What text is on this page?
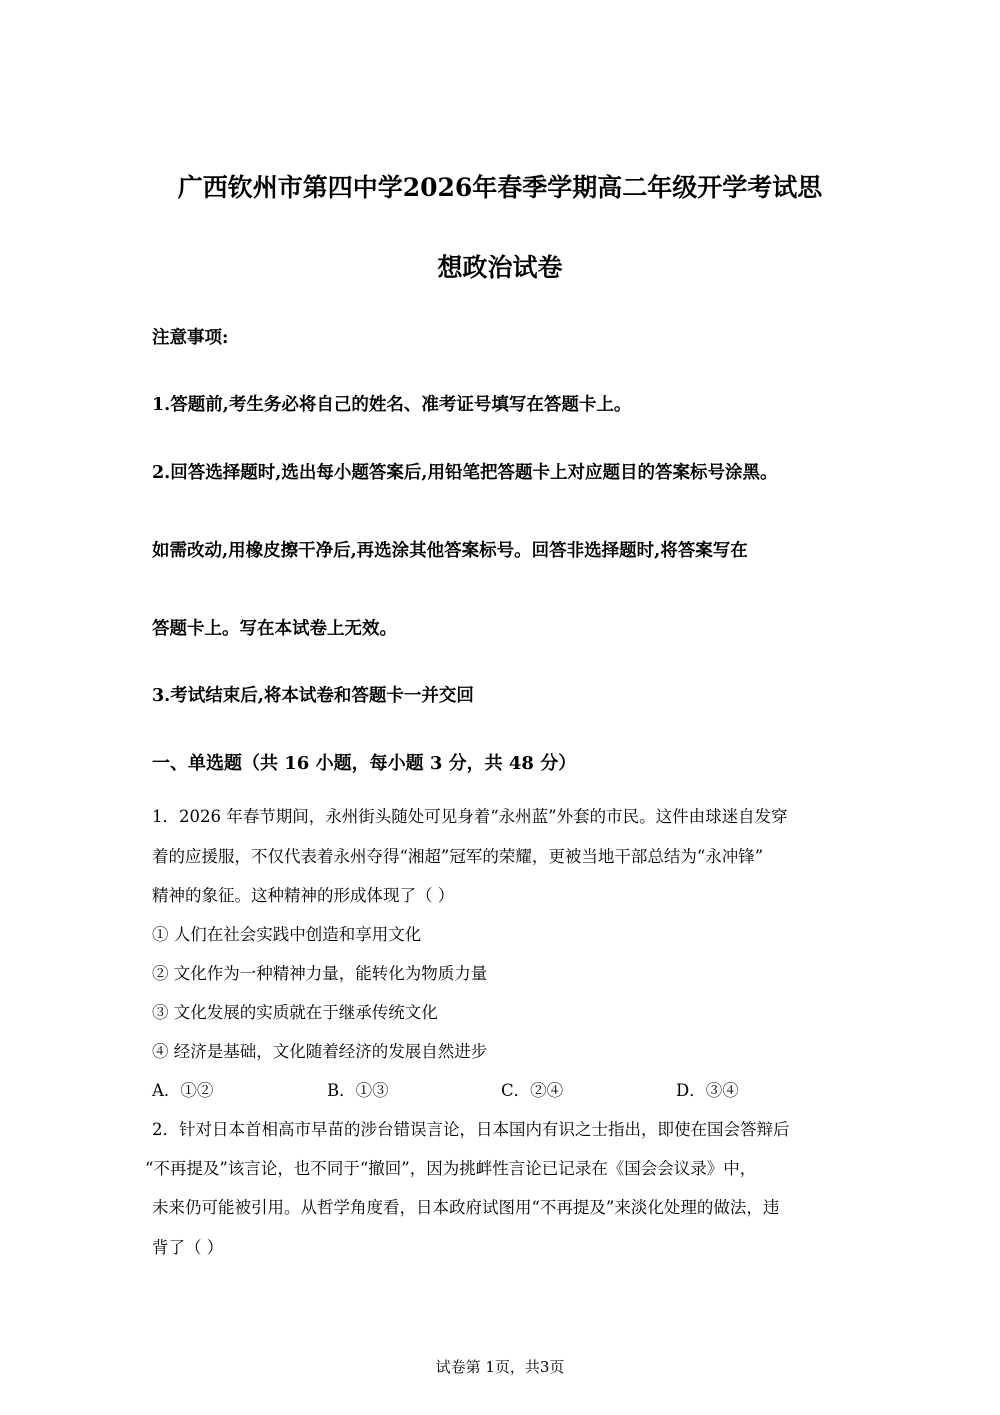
广西钦州市第四中学2026年春季学期高二年级开学考试思
想政治试卷
注意事项:
1.答题前,考生务必将自己的姓名、准考证号填写在答题卡上。
2.回答选择题时,选出每小题答案后,用铅笔把答题卡上对应题目的答案标号涂黑。
如需改动,用橡皮擦干净后,再选涂其他答案标号。回答非选择题时,将答案写在
答题卡上。写在本试卷上无效。
3.考试结束后,将本试卷和答题卡一并交回
一、单选题（共 16 小题，每小题 3 分，共 48 分）
1．2026 年春节期间，永州街头随处可见身着“永州蓝”外套的市民。这件由球迷自发穿
着的应援服，不仅代表着永州夺得“湘超”冠军的荣耀，更被当地干部总结为“永冲锋”
精神的象征。这种精神的形成体现了（ ）
① 人们在社会实践中创造和享用文化
② 文化作为一种精神力量，能转化为物质力量
③ 文化发展的实质就在于继承传统文化
④ 经济是基础，文化随着经济的发展自然进步
A．①②	B．①③	C．②④	D．③④
2．针对日本首相高市早苗的涉台错误言论，日本国内有识之士指出，即使在国会答辩后
“不再提及”该言论，也不同于“撤回”，因为挑衅性言论已记录在《国会会议录》中，
未来仍可能被引用。从哲学角度看，日本政府试图用“不再提及”来淡化处理的做法，违
背了（ ）
试卷第 1页，共3页
